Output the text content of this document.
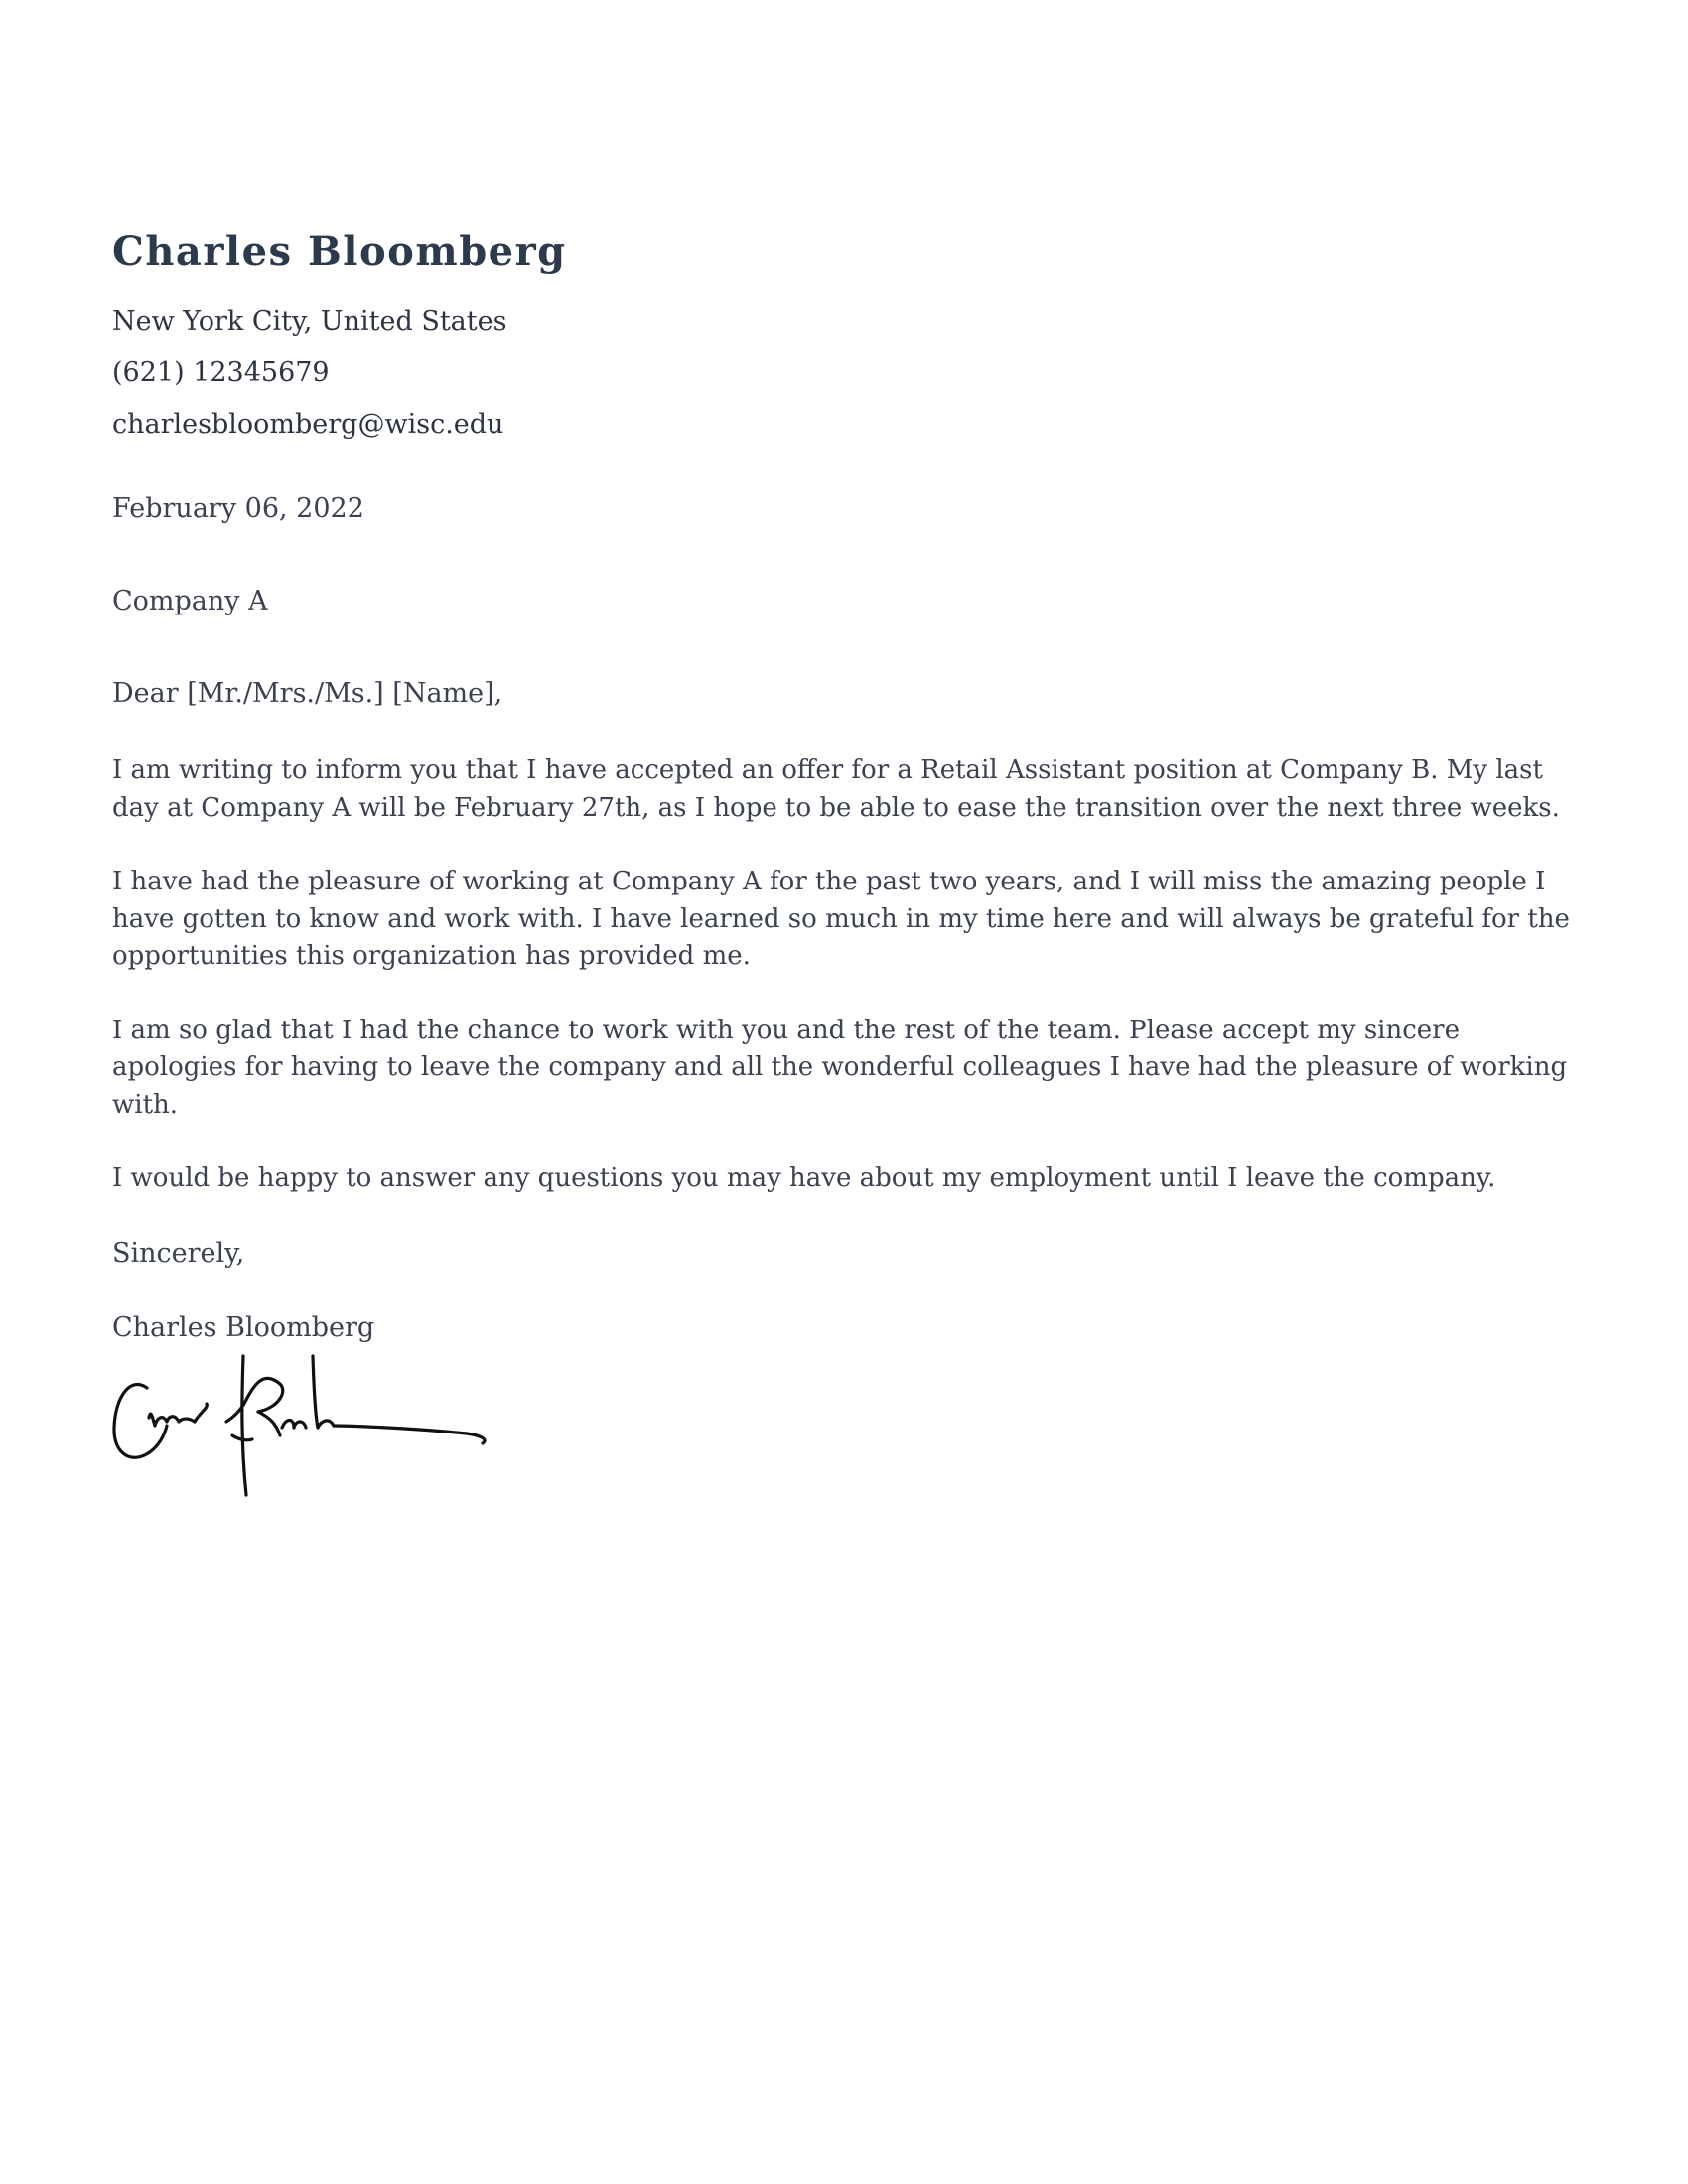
Charles Bloomberg
New York City, United States
(621) 12345679
charlesbloomberg@wisc.edu
February 06, 2022
Company A
Dear [Mr./Mrs./Ms.] [Name],

I am writing to inform you that I have accepted an offer for a Retail Assistant position at Company B. My last day at Company A will be February 27th, as I hope to be able to ease the transition over the next three weeks.

I have had the pleasure of working at Company A for the past two years, and I will miss the amazing people I have gotten to know and work with. I have learned so much in my time here and will always be grateful for the opportunities this organization has provided me.

I am so glad that I had the chance to work with you and the rest of the team. Please accept my sincere apologies for having to leave the company and all the wonderful colleagues I have had the pleasure of working with.

I would be happy to answer any questions you may have about my employment until I leave the company.

Sincerely,
Charles Bloomberg
